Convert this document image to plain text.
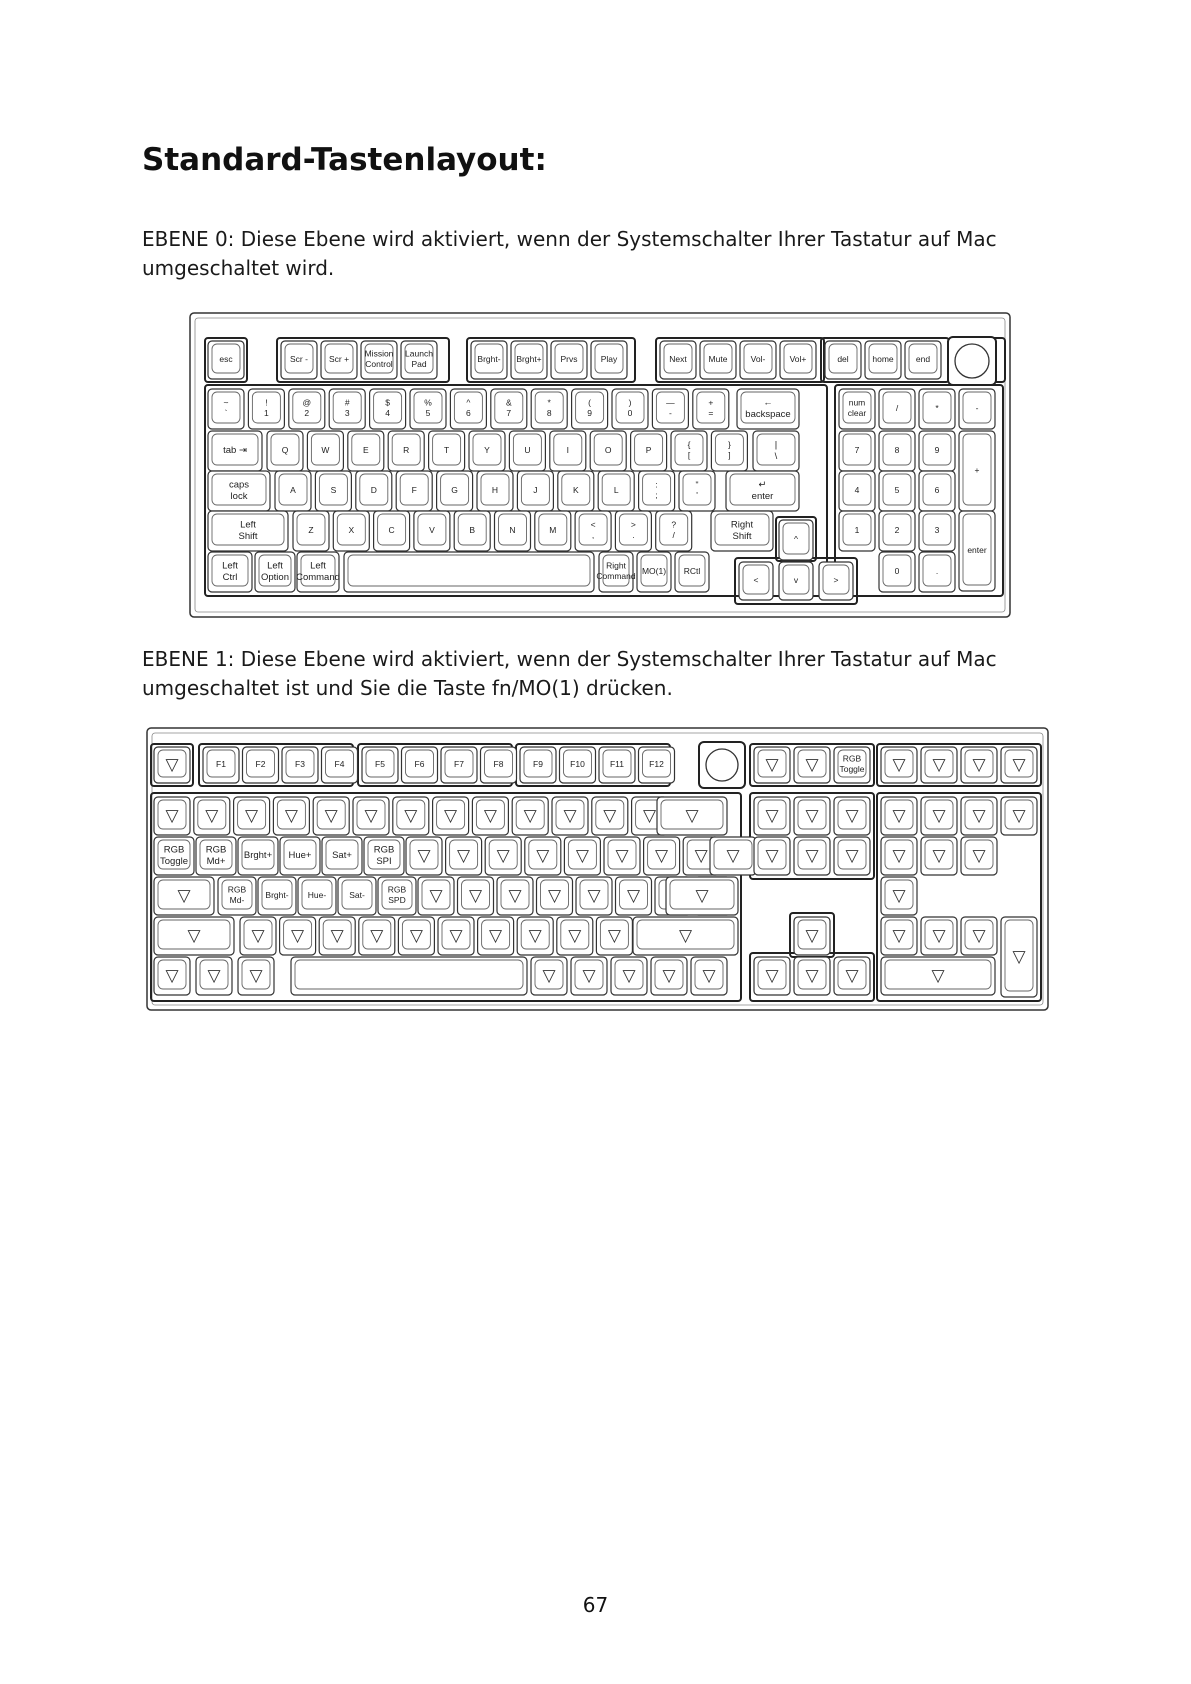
Standard-Tastenlayout:

EBENE 0: Diese Ebene wird aktiviert, wenn der Systemschalter Ihrer Tastatur auf Mac
umgeschaltet wird.

esc	Scr - Scr +
Mission
Control
Launch
Pad
Brght- Brght+ Prvs	Play	Next	Mute	Vol-	Vol+	del	home	end
~
`
!
1
@
2
#
3
$
4
%
5
^
6
&
7
*
8
(
9
)
0
—
-
+
=
←
backspace
num
clear
/	*	-
tab ⇥	Q	W	E	R	T	Y	U	I	O	P
{
[
}
]
|
\
7	8	9
+
caps
lock
A	S	D	F	G	H	J	K	L
:
;
"
'
↵
enter
4	5	6
Left
Shift
Z	X	C	V	B	N	M
<
,
>
.
?
/
Right
Shift	^
1	2	3
enter
Left
Ctrl
Left
Option
Left
Command
Right
Command
MO(1) RCtl
<	v	>
0	.

EBENE 1: Diese Ebene wird aktiviert, wenn der Systemschalter Ihrer Tastatur auf Mac
umgeschaltet ist und Sie die Taste fn/MO(1) drücken.

▽	F1	F2	F3	F4	F5	F6	F7	F8	F9	F10	F11	F12	▽ ▽	RGB
Toggle ▽ ▽ ▽ ▽
▽ ▽ ▽ ▽ ▽ ▽ ▽ ▽ ▽ ▽ ▽ ▽ ▽ ▽	▽ ▽ ▽ ▽ ▽ ▽ ▽
RGB
Toggle
RGB
Md+
Brght+ Hue+ Sat+
RGB
SPI ▽ ▽ ▽ ▽ ▽ ▽ ▽ ▽ ▽ ▽ ▽ ▽ ▽ ▽ ▽
▽	RGB
Md-
Brght- Hue-	Sat-
RGB
SPD ▽ ▽ ▽ ▽ ▽ ▽	▽	▽
▽	▽ ▽ ▽ ▽ ▽ ▽ ▽ ▽ ▽ ▽	▽	▽	▽ ▽ ▽
▽
▽ ▽ ▽	▽ ▽ ▽ ▽ ▽	▽ ▽ ▽	▽

67
